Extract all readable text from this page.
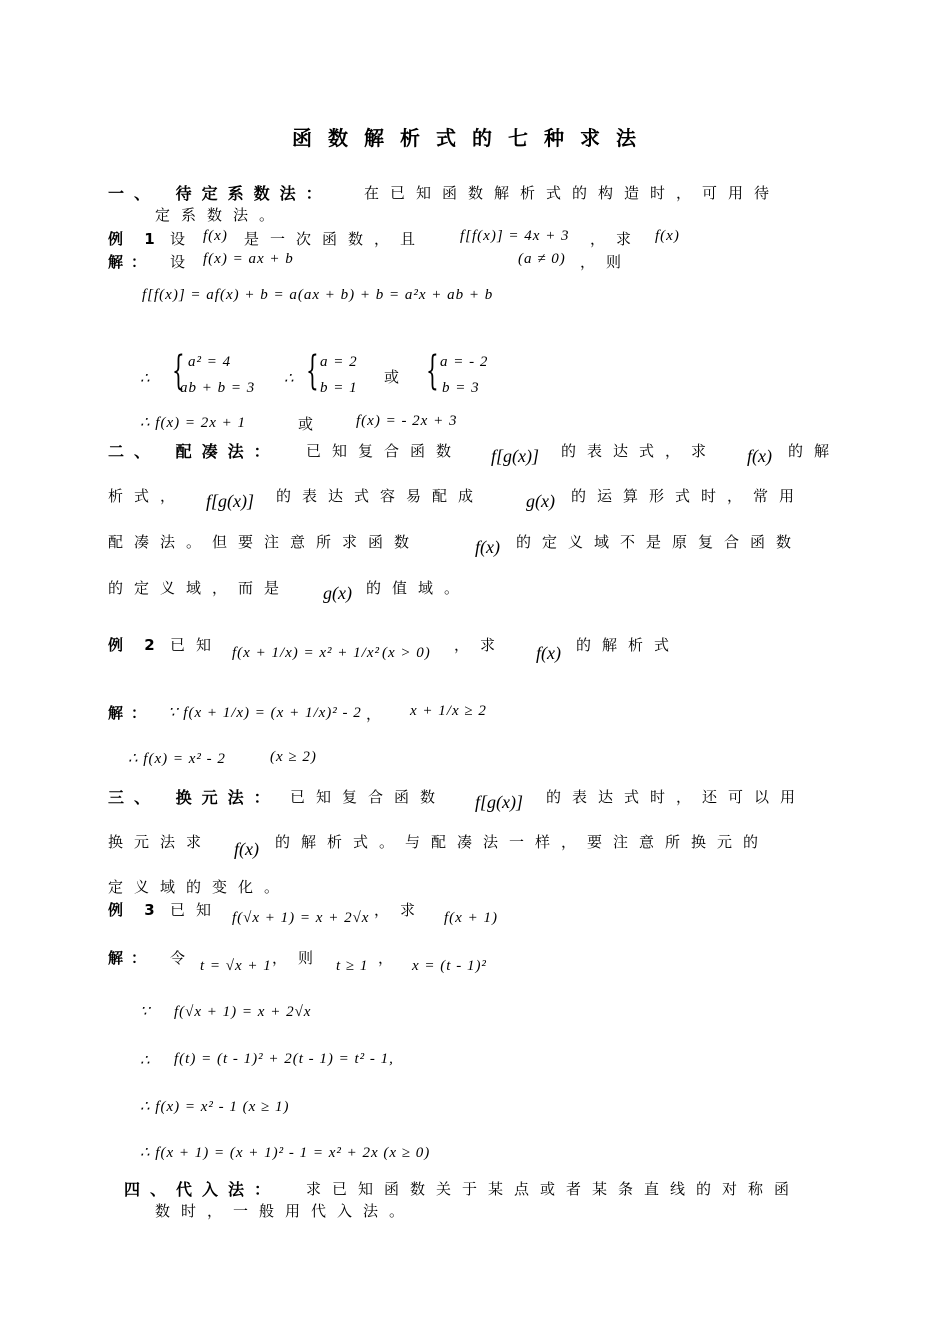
函数解析式的七种求法
一、 待定系数法： 在已知函数解析式的构造时，可用待
定系数法。
例 1 设 f(x) 是一次函数，且 f[f(x)] = 4x + 3 ，求 f(x)
解： 设 f(x) = ax + b	(a ≠ 0) ，则
f[f(x)] = af(x) + b = a(ax + b) + b = a²x + ab + b
∴ { a² = 4
ab + b = 3
∴ { a = 2
b = 1
或 { a = - 2
b = 3
∴ f(x) = 2x + 1	或 f(x) = - 2x + 3
二、 配凑法： 已知复合函数 f[g(x)] 的表达式，求 f(x) 的解
析式， f[g(x)] 的表达式容易配成 g(x) 的运算形式时，常用
配凑法。但要注意所求函数	f(x) 的定义域不是原复合函数
的定义域，而是 g(x) 的值域。
例 2 已知 f(x + 1/x) = x² + 1/x² (x > 0) ，求 f(x) 的解析式
解： ∵ f(x + 1/x) = (x + 1/x)² - 2 ， x + 1/x ≥ 2
∴ f(x) = x² - 2	(x ≥ 2)
三、 换元法： 已知复合函数 f[g(x)] 的表达式时，还可以用
换元法求 f(x) 的解析式。与配凑法一样，要注意所换元的
定义域的变化。
例 3 已知 f(√x + 1) = x + 2√x ，求 f(x + 1)
解： 令 t = √x + 1 ，则 t ≥ 1 ， x = (t - 1)²
∵ f(√x + 1) = x + 2√x
∴ f(t) = (t - 1)² + 2(t - 1) = t² - 1,
∴ f(x) = x² - 1 (x ≥ 1)
∴ f(x + 1) = (x + 1)² - 1 = x² + 2x (x ≥ 0)
四、代入法： 求已知函数关于某点或者某条直线的对称函
数时，一般用代入法。
